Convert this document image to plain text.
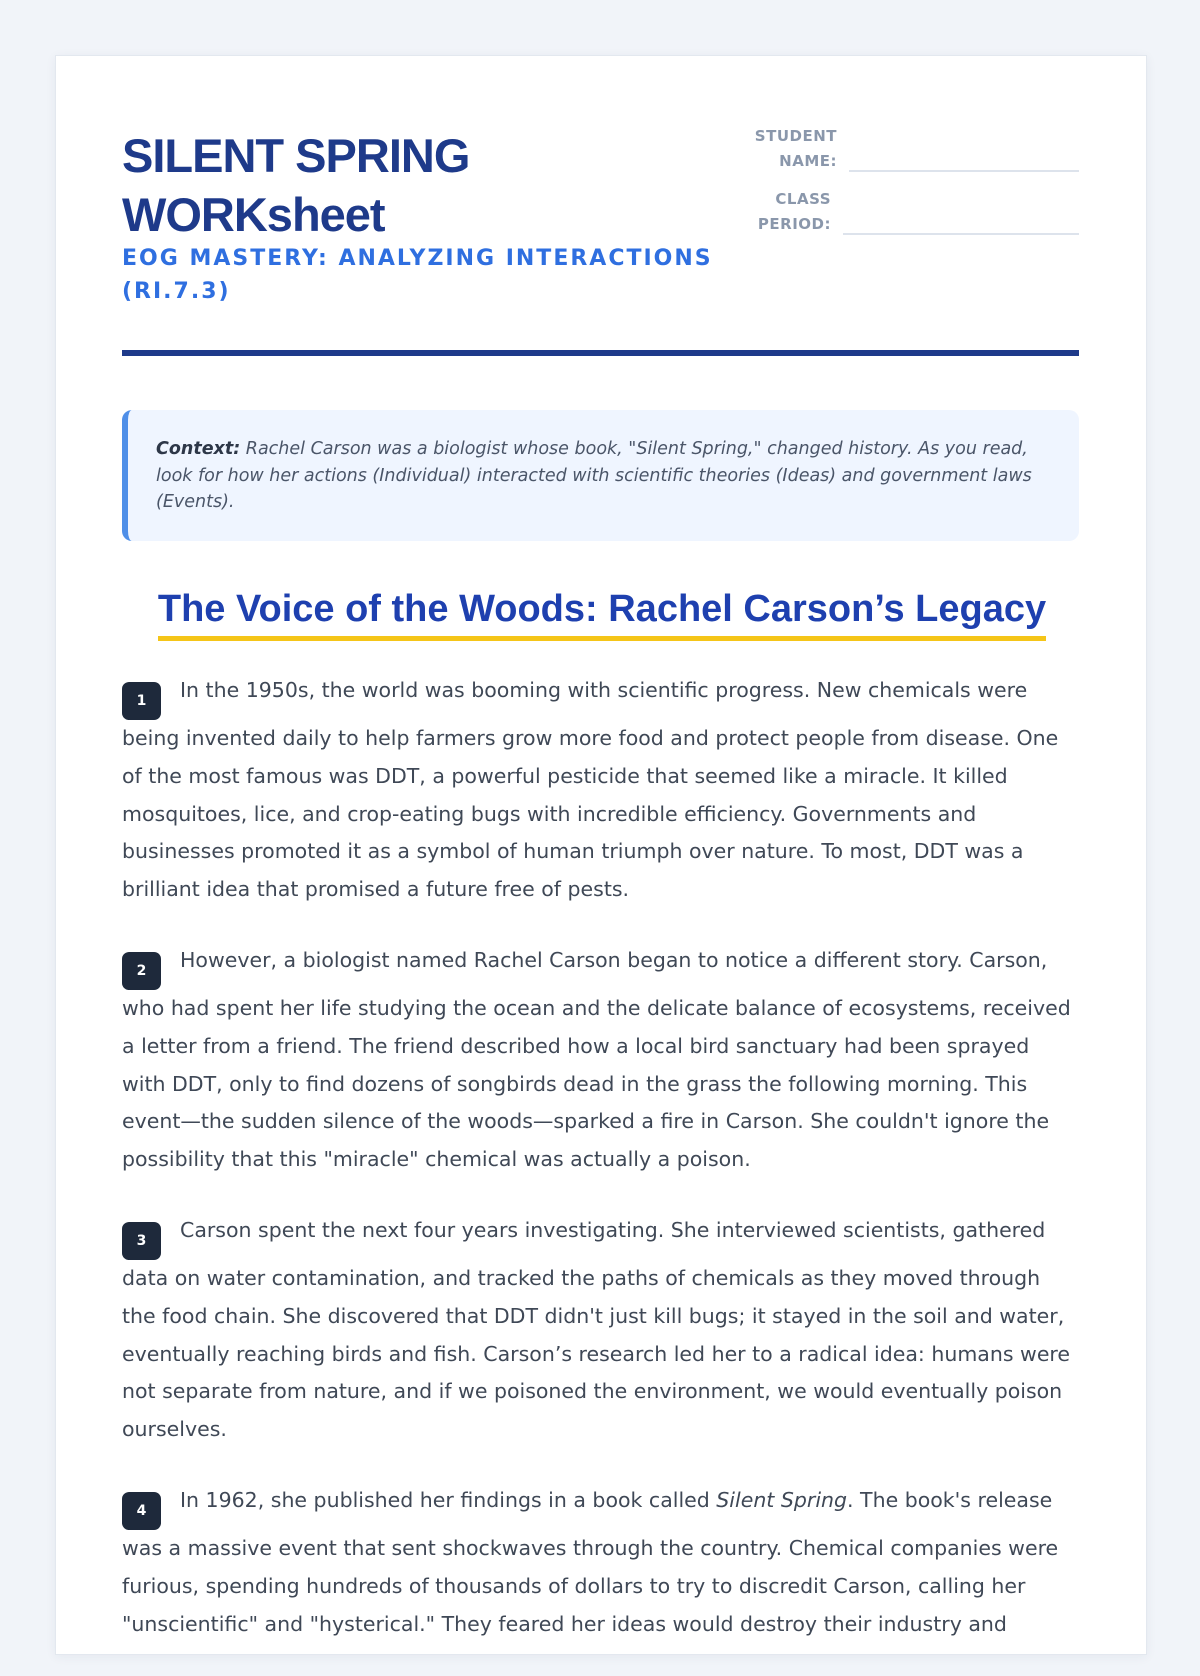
SILENT SPRING WORKsheet
EOG MASTERY: ANALYZING INTERACTIONS (RI.7.3)
STUDENT NAME:
CLASS PERIOD:
Context: Rachel Carson was a biologist whose book, "Silent Spring," changed history. As you read, look for how her actions (Individual) interacted with scientific theories (Ideas) and government laws (Events).
The Voice of the Woods: Rachel Carson’s Legacy

1 In the 1950s, the world was booming with scientific progress. New chemicals were being invented daily to help farmers grow more food and protect people from disease. One of the most famous was DDT, a powerful pesticide that seemed like a miracle. It killed mosquitoes, lice, and crop-eating bugs with incredible efficiency. Governments and businesses promoted it as a symbol of human triumph over nature. To most, DDT was a brilliant idea that promised a future free of pests.

2 However, a biologist named Rachel Carson began to notice a different story. Carson, who had spent her life studying the ocean and the delicate balance of ecosystems, received a letter from a friend. The friend described how a local bird sanctuary had been sprayed with DDT, only to find dozens of songbirds dead in the grass the following morning. This event—the sudden silence of the woods—sparked a fire in Carson. She couldn't ignore the possibility that this "miracle" chemical was actually a poison.

3 Carson spent the next four years investigating. She interviewed scientists, gathered data on water contamination, and tracked the paths of chemicals as they moved through the food chain. She discovered that DDT didn't just kill bugs; it stayed in the soil and water, eventually reaching birds and fish. Carson’s research led her to a radical idea: humans were not separate from nature, and if we poisoned the environment, we would eventually poison ourselves.

4 In 1962, she published her findings in a book called Silent Spring. The book's release was a massive event that sent shockwaves through the country. Chemical companies were furious, spending hundreds of thousands of dollars to try to discredit Carson, calling her "unscientific" and "hysterical." They feared her ideas would destroy their industry and
